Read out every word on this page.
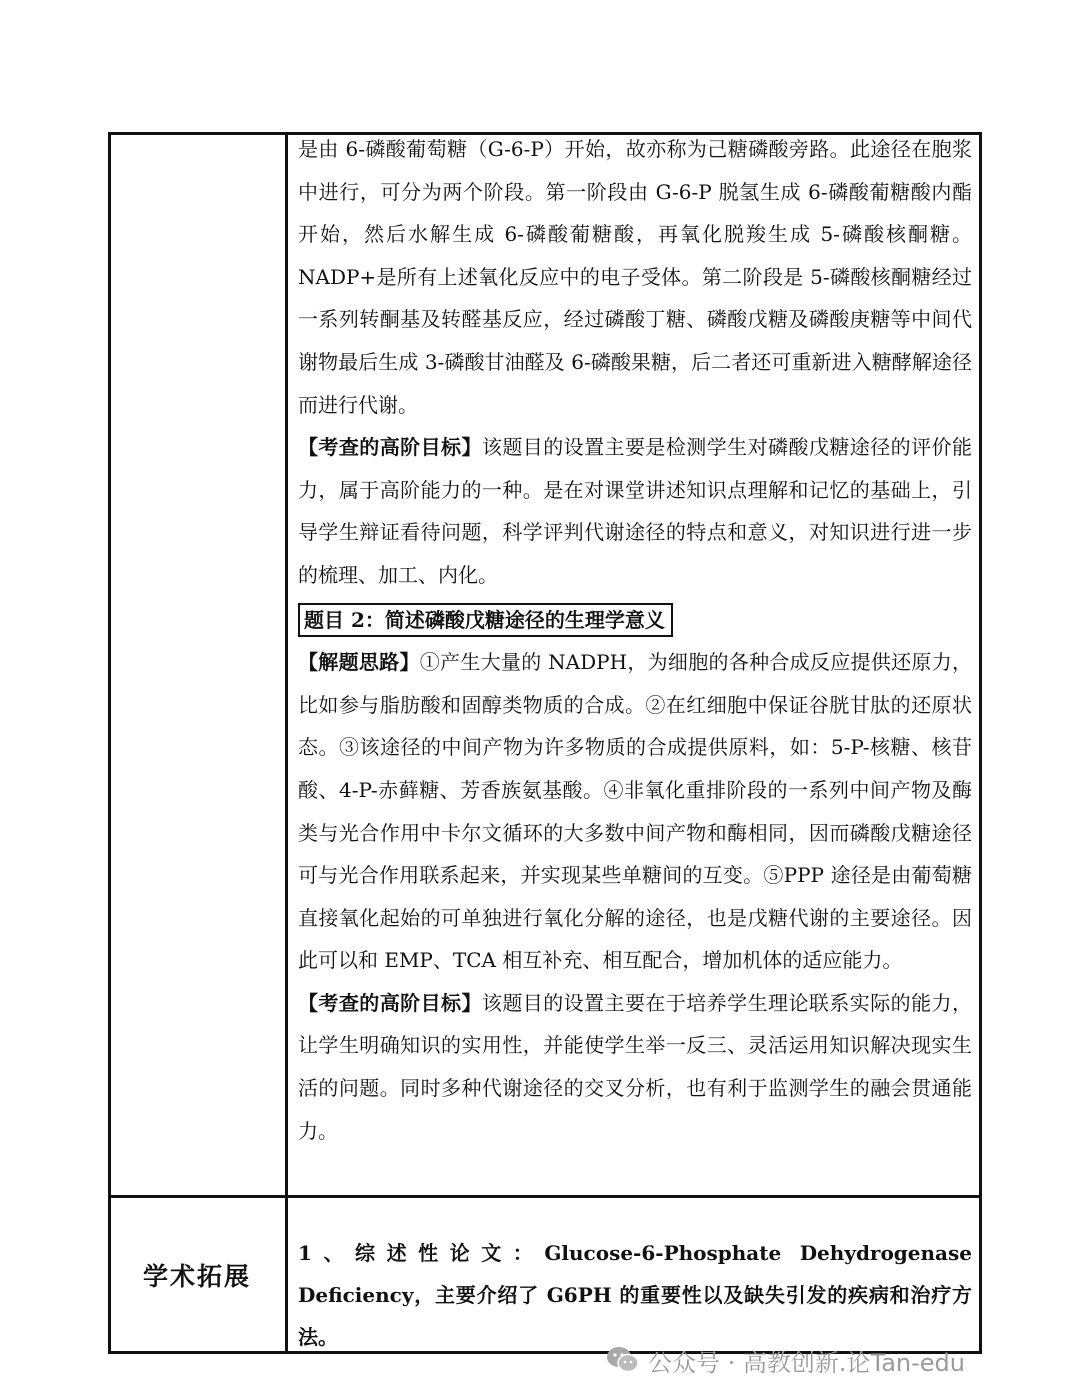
是由 6-磷酸葡萄糖（G-6-P）开始，故亦称为己糖磷酸旁路。此途径在胞浆中进行，可分为两个阶段。第一阶段由 G-6-P 脱氢生成 6-磷酸葡糖酸内酯开始，然后水解生成 6-磷酸葡糖酸，再氧化脱羧生成 5-磷酸核酮糖。NADP+是所有上述氧化反应中的电子受体。第二阶段是 5-磷酸核酮糖经过一系列转酮基及转醛基反应，经过磷酸丁糖、磷酸戊糖及磷酸庚糖等中间代谢物最后生成 3-磷酸甘油醛及 6-磷酸果糖，后二者还可重新进入糖酵解途径而进行代谢。

【考查的高阶目标】该题目的设置主要是检测学生对磷酸戊糖途径的评价能力，属于高阶能力的一种。是在对课堂讲述知识点理解和记忆的基础上，引导学生辩证看待问题，科学评判代谢途径的特点和意义，对知识进行进一步的梳理、加工、内化。

题目 2：简述磷酸戊糖途径的生理学意义

【解题思路】①产生大量的 NADPH，为细胞的各种合成反应提供还原力，比如参与脂肪酸和固醇类物质的合成。②在红细胞中保证谷胱甘肽的还原状态。③该途径的中间产物为许多物质的合成提供原料，如：5-P-核糖、核苷酸、4-P-赤藓糖、芳香族氨基酸。④非氧化重排阶段的一系列中间产物及酶类与光合作用中卡尔文循环的大多数中间产物和酶相同，因而磷酸戊糖途径可与光合作用联系起来，并实现某些单糖间的互变。⑤PPP 途径是由葡萄糖直接氧化起始的可单独进行氧化分解的途径，也是戊糖代谢的主要途径。因此可以和 EMP、TCA 相互补充、相互配合，增加机体的适应能力。

【考查的高阶目标】该题目的设置主要在于培养学生理论联系实际的能力，让学生明确知识的实用性，并能使学生举一反三、灵活运用知识解决现实生活的问题。同时多种代谢途径的交叉分析，也有利于监测学生的融会贯通能力。

学术拓展
1、综述性论文：Glucose-6-Phosphate Dehydrogenase Deficiency，主要介绍了 G6PH 的重要性以及缺失引发的疾病和治疗方法。
公众号 · 高教创新.论Tan-edu
